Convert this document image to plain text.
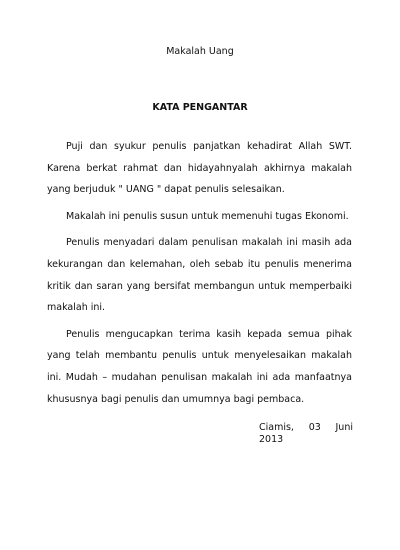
Makalah Uang
KATA PENGANTAR

Puji dan syukur penulis panjatkan kehadirat Allah SWT. Karena berkat rahmat dan hidayahnyalah akhirnya makalah yang berjuduk " UANG " dapat penulis selesaikan.

Makalah ini penulis susun untuk memenuhi tugas Ekonomi.

Penulis menyadari dalam penulisan makalah ini masih ada kekurangan dan kelemahan, oleh sebab itu penulis menerima kritik dan saran yang bersifat membangun untuk memperbaiki makalah ini.

Penulis mengucapkan terima kasih kepada semua pihak yang telah membantu penulis untuk menyelesaikan makalah ini. Mudah – mudahan penulisan makalah ini ada manfaatnya khususnya bagi penulis dan umumnya bagi pembaca.

Ciamis, 03 Juni
2013
